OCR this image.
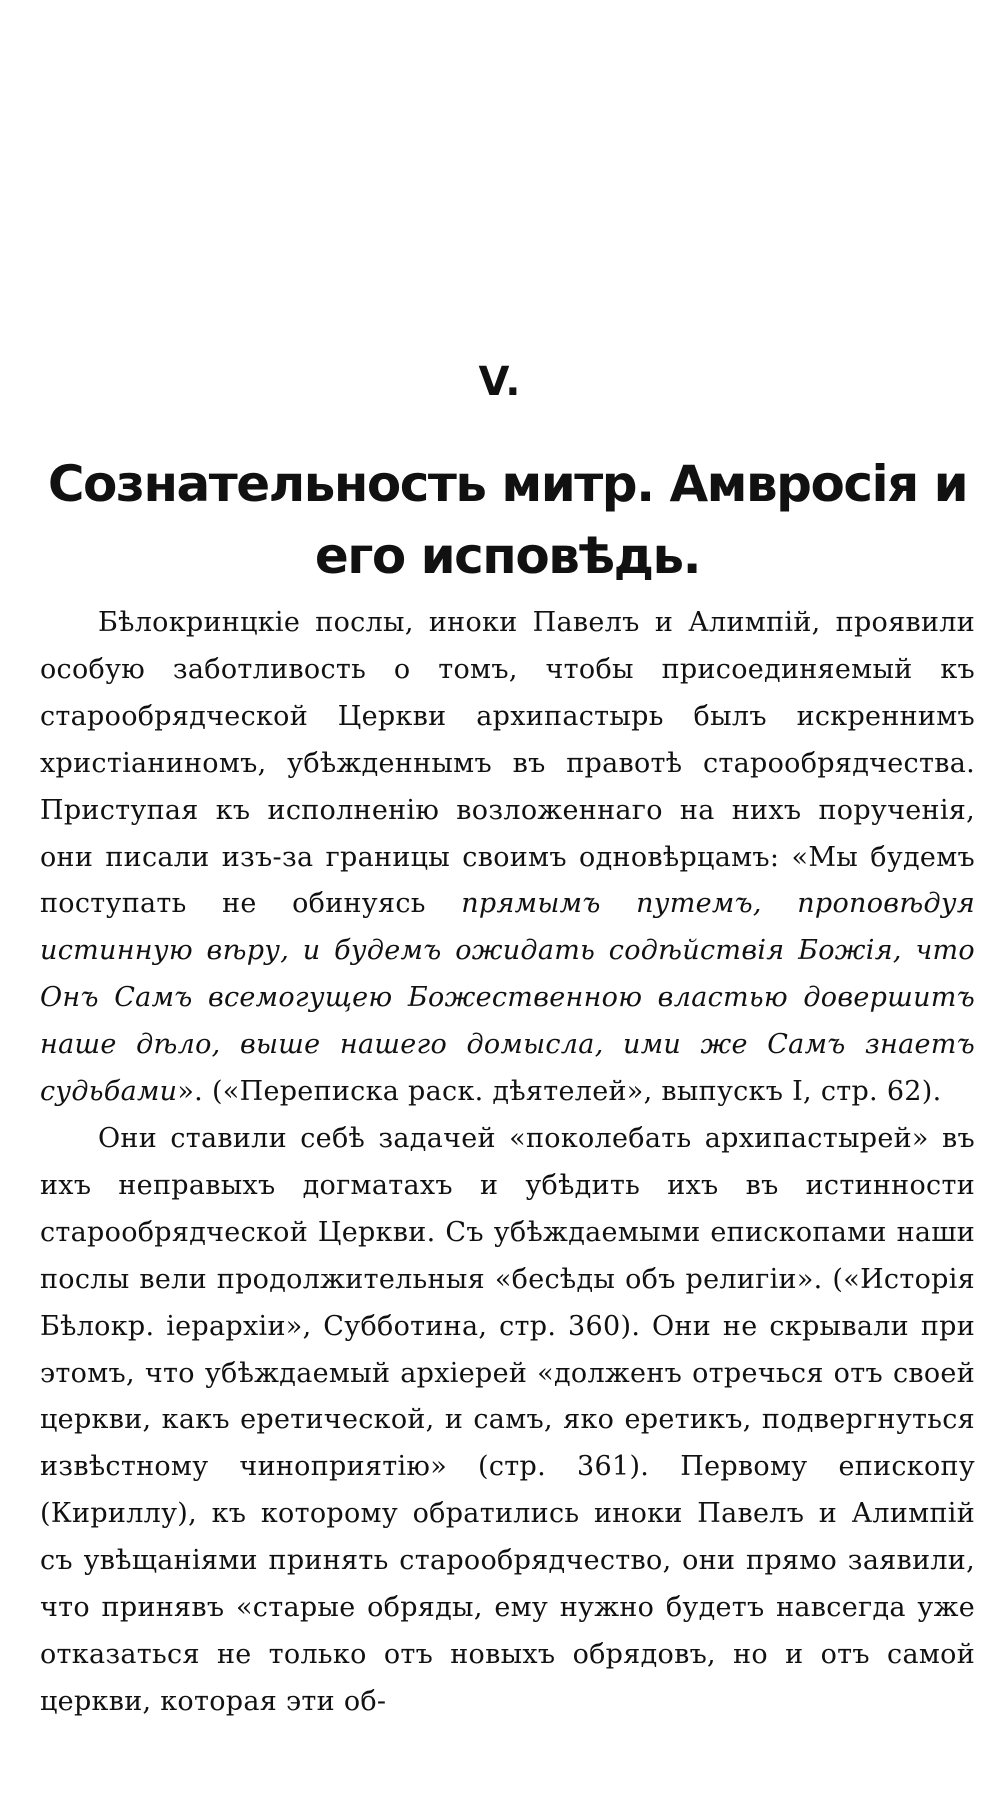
V.
Сознательность митр. Амвросія и его исповѣдь.

Бѣлокринцкіе послы, иноки Павелъ и Алимпій, проявили особую заботливость о томъ, чтобы присоединяемый къ старообрядческой Церкви архипастырь былъ искреннимъ христіаниномъ, убѣжденнымъ въ правотѣ старообрядчества. Приступая къ исполненію возложеннаго на нихъ порученія, они писали изъ-за границы своимъ одновѣрцамъ: «Мы будемъ поступать не обинуясь прямымъ путемъ, проповѣдуя истинную вѣру, и будемъ ожидать содѣйствія Божія, что Онъ Самъ всемогущею Божественною властью довершитъ наше дѣло, выше нашего домысла, ими же Самъ знаетъ судьбами». («Переписка раск. дѣятелей», выпускъ I, стр. 62).

Они ставили себѣ задачей «поколебать архипастырей» въ ихъ неправыхъ догматахъ и убѣдить ихъ въ истинности старообрядческой Церкви. Съ убѣждаемыми епископами наши послы вели продолжительныя «бесѣды объ религіи». («Исторія Бѣлокр. іерархіи», Субботина, стр. 360). Они не скрывали при этомъ, что убѣждаемый архіерей «долженъ отречься отъ своей церкви, какъ еретической, и самъ, яко еретикъ, подвергнуться извѣстному чиноприятію» (стр. 361). Первому епископу (Кириллу), къ которому обратились иноки Павелъ и Алимпій съ увѣщаніями принять старообрядчество, они прямо заявили, что принявъ «старые обряды, ему нужно будетъ навсегда уже отказаться не только отъ новыхъ обрядовъ, но и отъ самой церкви, которая эти об-
